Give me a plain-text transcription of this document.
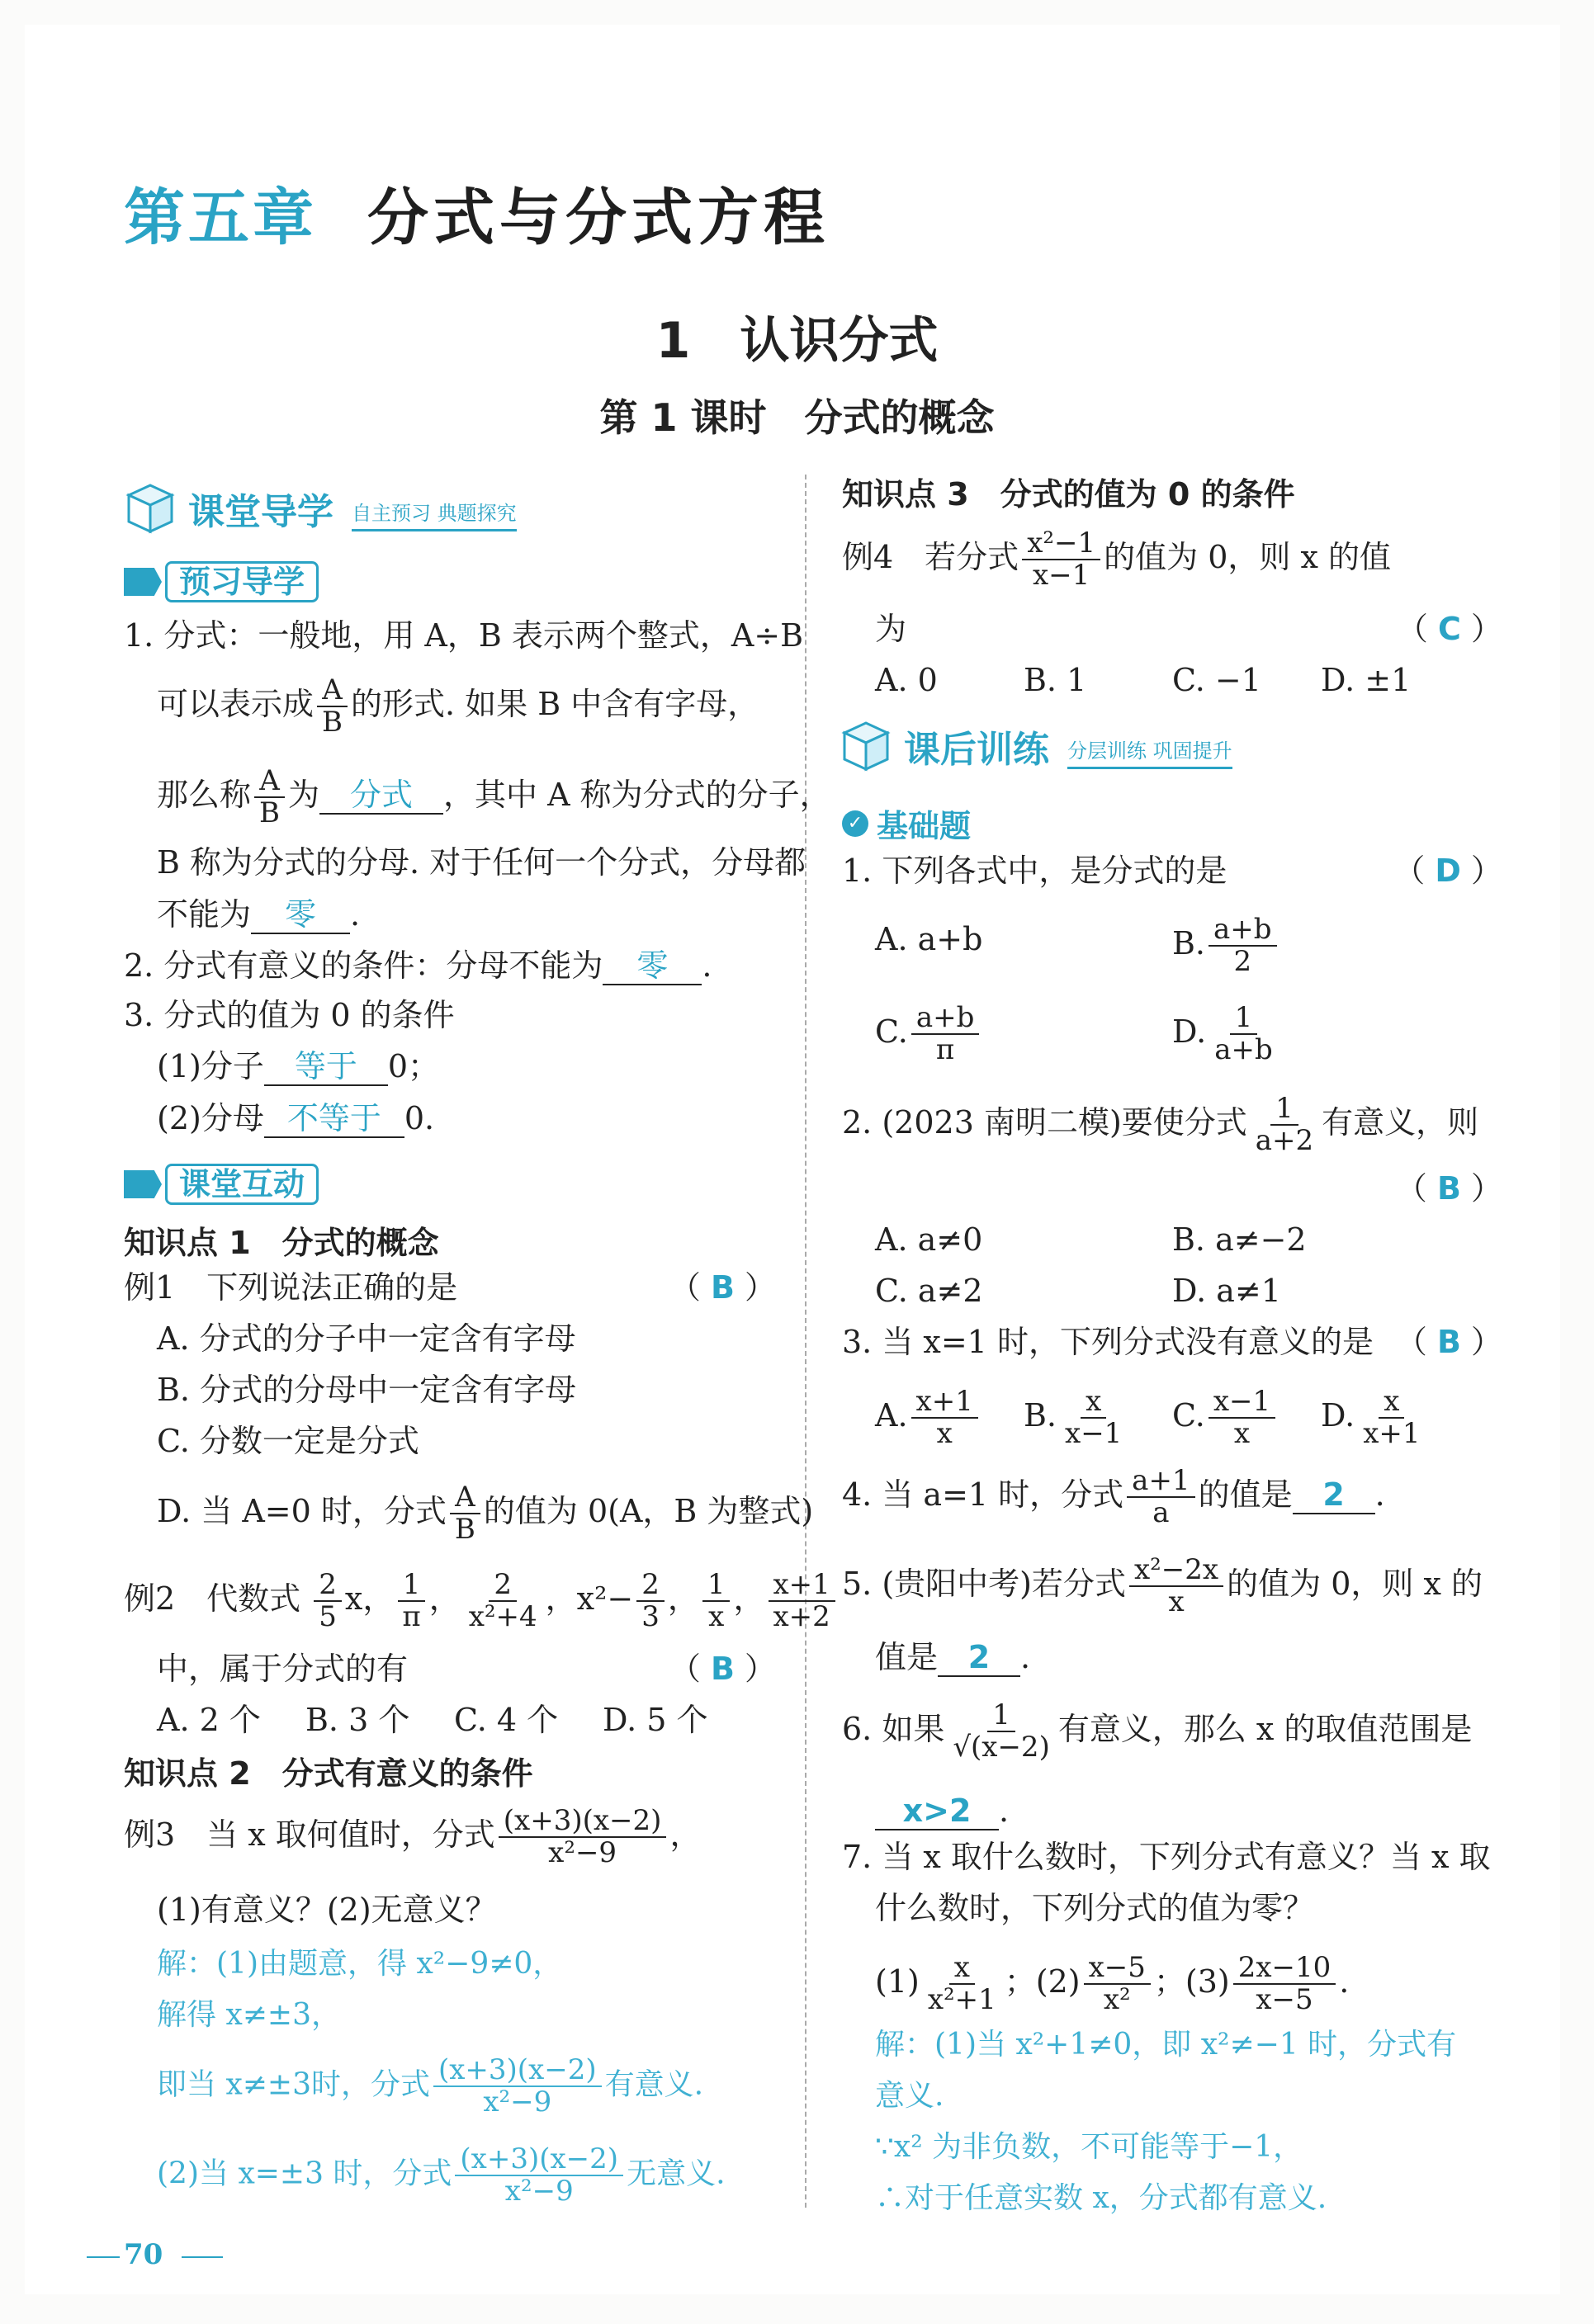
第五章 分式与分式方程
1　认识分式
第 1 课时　分式的概念
课堂导学 自主预习 典题探究
预习导学
1. 分式：一般地，用 A，B 表示两个整式，A÷B
可以表示成 $\frac{A}{B}$ 的形式. 如果 B 中含有字母，
那么称 $\frac{A}{B}$ 为 分式 ，其中 A 称为分式的分子，
B 称为分式的分母. 对于任何一个分式，分母都
不能为 零 .
2. 分式有意义的条件：分母不能为 零 .
3. 分式的值为 0 的条件
(1)分子 等于 0；
(2)分母 不等于 0.
课堂互动
知识点 1　分式的概念
例1　下列说法正确的是	（ B ）
A. 分式的分子中一定含有字母
B. 分式的分母中一定含有字母
C. 分数一定是分式
D. 当 A=0 时，分式 $\frac{A}{B}$ 的值为 0(A，B 为整式)
例2　代数式 $\frac{2}{5}$ x， $\frac{1}{\pi}$ ， $\frac{2}{\text{x²+4}}$ ，$x^2- \frac{2}{3}$ ， $\frac{1}{x}$ ， $\frac{x+1}{x+2}$
中，属于分式的有	（ B ）
A. 2 个 B. 3 个 C. 4 个 D. 5 个
知识点 2　分式有意义的条件
例3　当 x 取何值时，分式 $\frac{(x+3)(x-2)}{\text{x²−9}}$ ，
(1)有意义？(2)无意义？
解：(1)由题意，得 x²−9≠0，
解得 x≠±3，
即当 x≠±3时，分式 $\frac{(x+3)(x-2)}{\text{x²−9}}$ 有意义.
(2)当 x=±3 时，分式 $\frac{(x+3)(x-2)}{\text{x²−9}}$ 无意义.
知识点 3　分式的值为 0 的条件
例4　若分式 $\frac{\text{x²−1}}{x-1}$ 的值为 0，则 x 的值
为	（ C ）
A. 0	B. 1	C. −1 D. ±1
课后训练 分层训练 巩固提升
✓ 基础题
1. 下列各式中，是分式的是	（ D ）
A. a+b	B. $\frac{a+b}{2}$
C. $\frac{a+b}{\pi}$	D. $\frac{1}{a+b}$
2. (2023 南明二模)要使分式 $\frac{1}{a+2}$ 有意义，则
（ B ）
A. a≠0	B. a≠−2
C. a≠2	D. a≠1
3. 当 x=1 时，下列分式没有意义的是 （ B ）
A. $\frac{x+1}{x} B$. $\frac{x}{x-1} C$. $\frac{x-1}{x} D$. $\frac{x}{x+1}$
4. 当 a=1 时，分式 $\frac{a+1}{a}$ 的值是 2 .
5. (贵阳中考)若分式 $\frac{\text{x²−2x}}{x}$ 的值为 0，则 x 的
值是 2 .
6. 如果 $\frac{1}{√(x-2)}$ 有意义，那么 x 的取值范围是
x>2 .
7. 当 x 取什么数时，下列分式有意义？当 x 取
什么数时，下列分式的值为零？
$(1) \frac{x}{\text{x²+1}}$ ；$(2) \frac{x-5}{\text{x²}}$ ；$(3) \frac{2x-10}{x-5}$ .
解：(1)当 x²+1≠0，即 x²≠−1 时，分式有
意义.
∵x² 为非负数，不可能等于−1，
∴对于任意实数 x，分式都有意义.
70
